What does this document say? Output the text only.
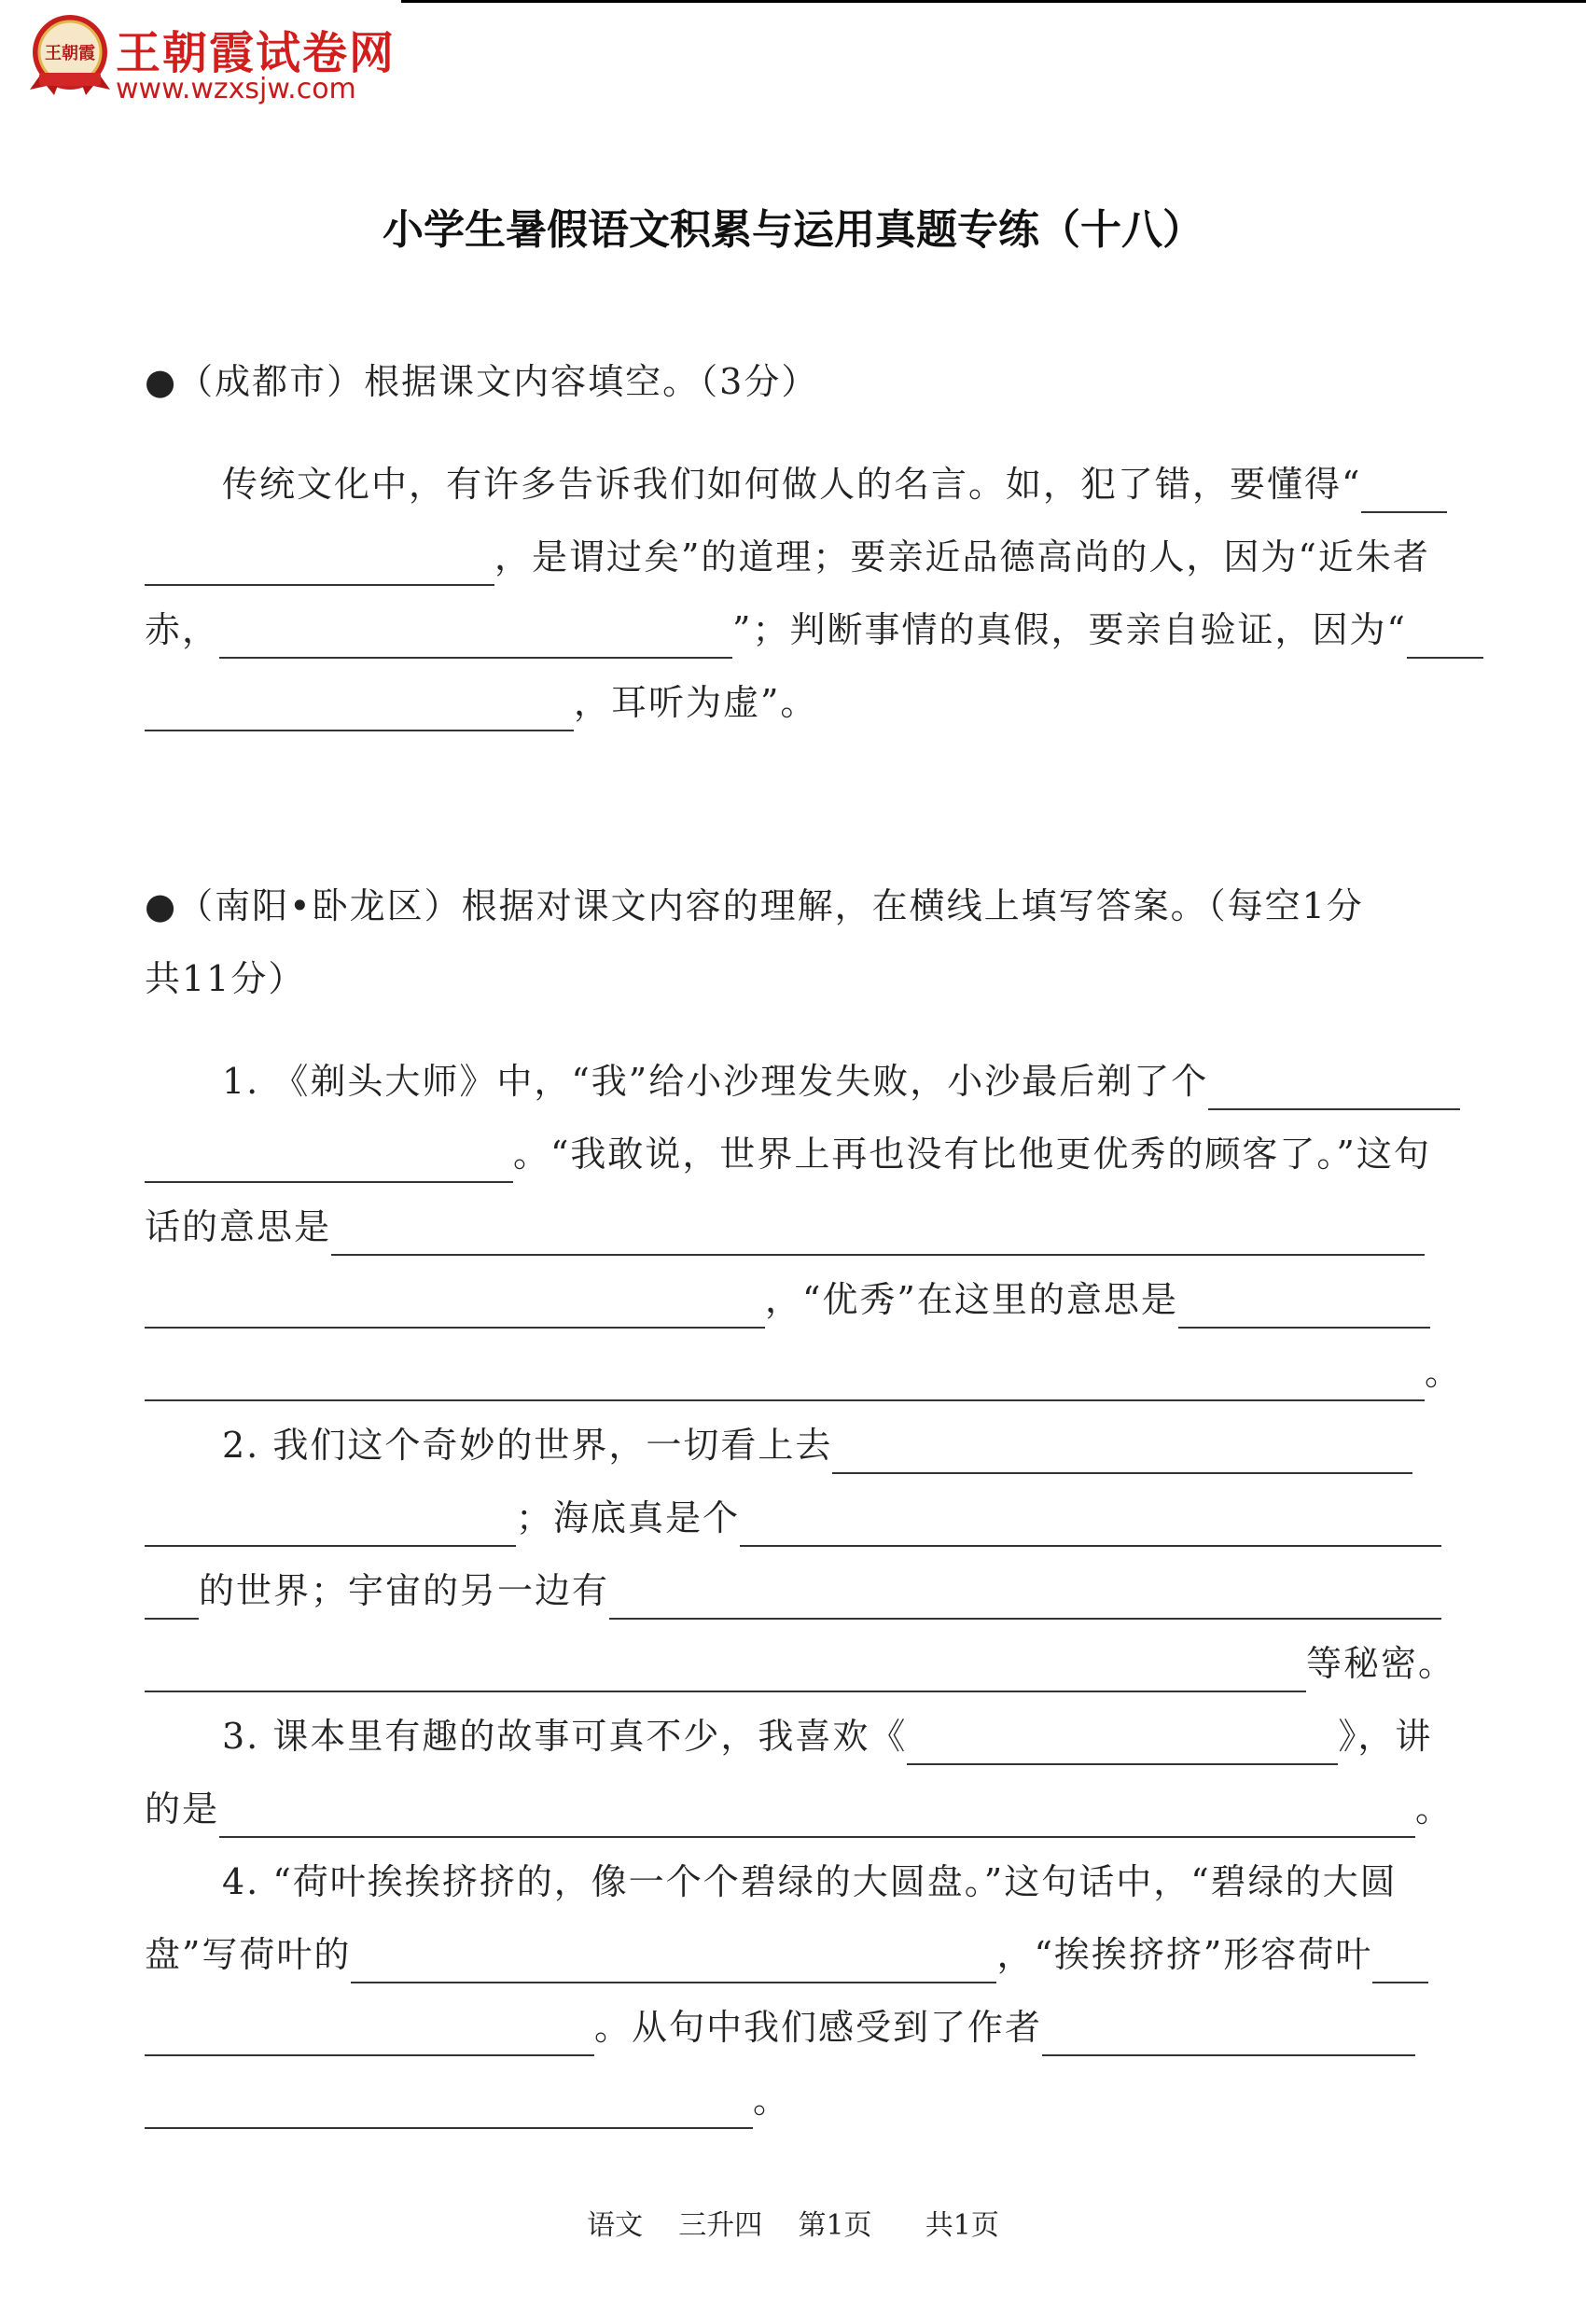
王朝霞 王朝霞试卷网
www.wzxsjw.com
小学生暑假语文积累与运用真题专练（十八）
●（成都市）根据课文内容填空。（3分）
传统文化中，有许多告诉我们如何做人的名言。如，犯了错，要懂得“
，是谓过矣”的道理；要亲近品德高尚的人，因为“近朱者
赤，	”；判断事情的真假，要亲自验证，因为“
，耳听为虚”。
●（南阳•卧龙区）根据对课文内容的理解，在横线上填写答案。（每空1分
共11分）
1. 《剃头大师》中，“我”给小沙理发失败，小沙最后剃了个
。“我敢说，世界上再也没有比他更优秀的顾客了。”这句
话的意思是
，“优秀”在这里的意思是
。
2. 我们这个奇妙的世界，一切看上去
；海底真是个
的世界；宇宙的另一边有
等秘密。
3. 课本里有趣的故事可真不少，我喜欢《	》，讲
的是	。
4. “荷叶挨挨挤挤的，像一个个碧绿的大圆盘。”这句话中，“碧绿的大圆
盘”写荷叶的	，“挨挨挤挤”形容荷叶
。从句中我们感受到了作者
。
语文    三升四    第1页      共1页
